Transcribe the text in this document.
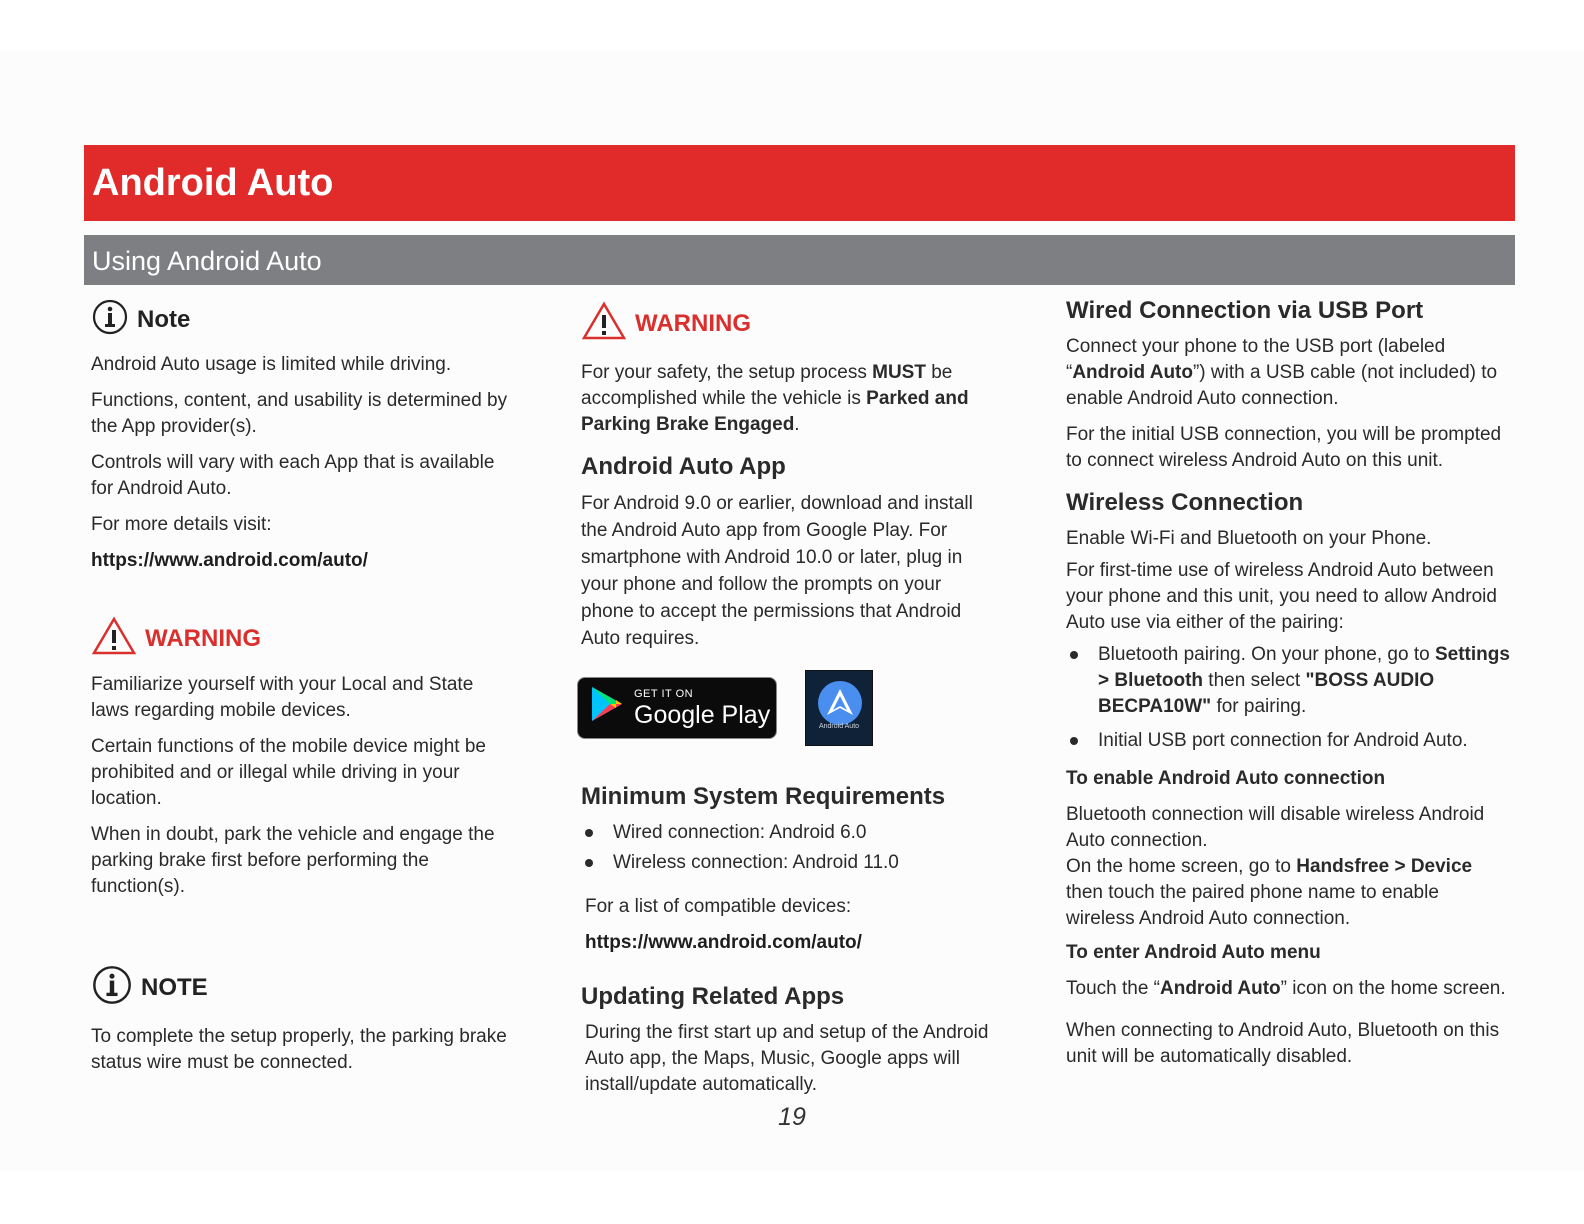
Android Auto
Using Android Auto
Note

Android Auto usage is limited while driving.

Functions, content, and usability is determined by the App provider(s).

Controls will vary with each App that is available for Android Auto.

For more details visit:

https://www.android.com/auto/

WARNING

Familiarize yourself with your Local and State laws regarding mobile devices.

Certain functions of the mobile device might be prohibited and or illegal while driving in your location.

When in doubt, park the vehicle and engage the parking brake first before performing the function(s).

NOTE

To complete the setup properly, the parking brake status wire must be connected.

WARNING

For your safety, the setup process MUST be accomplished while the vehicle is Parked and Parking Brake Engaged.

Android Auto App

For Android 9.0 or earlier, download and install the Android Auto app from Google Play. For smartphone with Android 10.0 or later, plug in your phone and follow the prompts on your phone to accept the permissions that Android Auto requires.

GET IT ON
Google Play	Android Auto
Minimum System Requirements
Wired connection: Android 6.0
Wireless connection: Android 11.0

For a list of compatible devices:

https://www.android.com/auto/

Updating Related Apps

During the first start up and setup of the Android Auto app, the Maps, Music, Google apps will install/update automatically.

Wired Connection via USB Port

Connect your phone to the USB port (labeled “Android Auto”) with a USB cable (not included) to enable Android Auto connection.

For the initial USB connection, you will be prompted to connect wireless Android Auto on this unit.

Wireless Connection

Enable Wi-Fi and Bluetooth on your Phone.

For first-time use of wireless Android Auto between your phone and this unit, you need to allow Android Auto use via either of the pairing:

Bluetooth pairing. On your phone, go to Settings > Bluetooth then select "BOSS AUDIO BECPA10W" for pairing.
Initial USB port connection for Android Auto.

To enable Android Auto connection

Bluetooth connection will disable wireless Android Auto connection.

On the home screen, go to Handsfree > Device then touch the paired phone name to enable wireless Android Auto connection.

To enter Android Auto menu

Touch the “Android Auto” icon on the home screen.

When connecting to Android Auto, Bluetooth on this unit will be automatically disabled.

19
